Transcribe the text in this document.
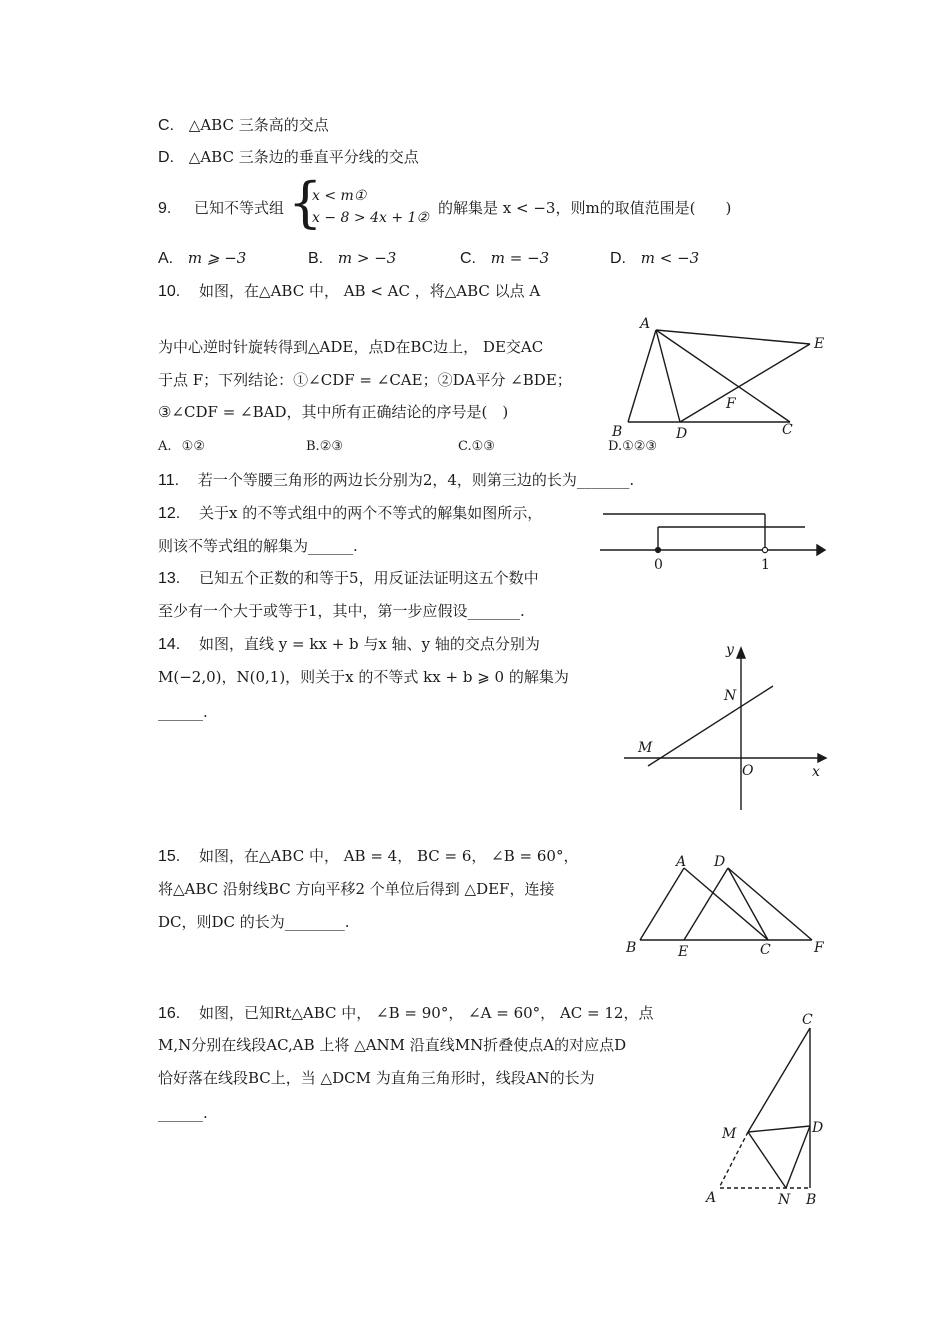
C. △ABC 三条高的交点
D. △ABC 三条边的垂直平分线的交点
9. 已知不等式组 {
x < m①
x − 8 > 4x + 1②
的解集是 x < −3，则m的取值范围是(　　)
A. m ⩾ −3	B. m > −3	C. m = −3	D. m < −3
10. 如图，在△ABC 中， AB < AC ，将△ABC 以点 A
为中心逆时针旋转得到△ADE，点D在BC边上， DE交AC
于点 F；下列结论：①∠CDF = ∠CAE；②DA平分 ∠BDE；
③∠CDF = ∠BAD，其中所有正确结论的序号是(　)
A. ①②	B.②③	C.①③	D.①②③
A
B	C
D
E
F
11. 若一个等腰三角形的两边长分别为2，4，则第三边的长为_______.
12. 关于x 的不等式组中的两个不等式的解集如图所示，
则该不等式组的解集为______.
0	1
13. 已知五个正数的和等于5，用反证法证明这五个数中
至少有一个大于或等于1，其中，第一步应假设_______.
14. 如图，直线 y = kx + b 与x 轴、y 轴的交点分别为
M(−2,0)，N(0,1)，则关于x 的不等式 kx + b ⩾ 0 的解集为
______.
y
x
N
M
O
15. 如图，在△ABC 中， AB = 4， BC = 6， ∠B = 60°，
将△ABC 沿射线BC 方向平移2 个单位后得到 △DEF，连接
DC，则DC 的长为________.
A D
B	E	C	F
16. 如图，已知Rt△ABC 中， ∠B = 90°， ∠A = 60°， AC = 12，点
M,N分别在线段AC,AB 上将 △ANM 沿直线MN折叠使点A的对应点D
恰好落在线段BC上，当 △DCM 为直角三角形时，线段AN的长为
______.
C
M	D
A	N B
